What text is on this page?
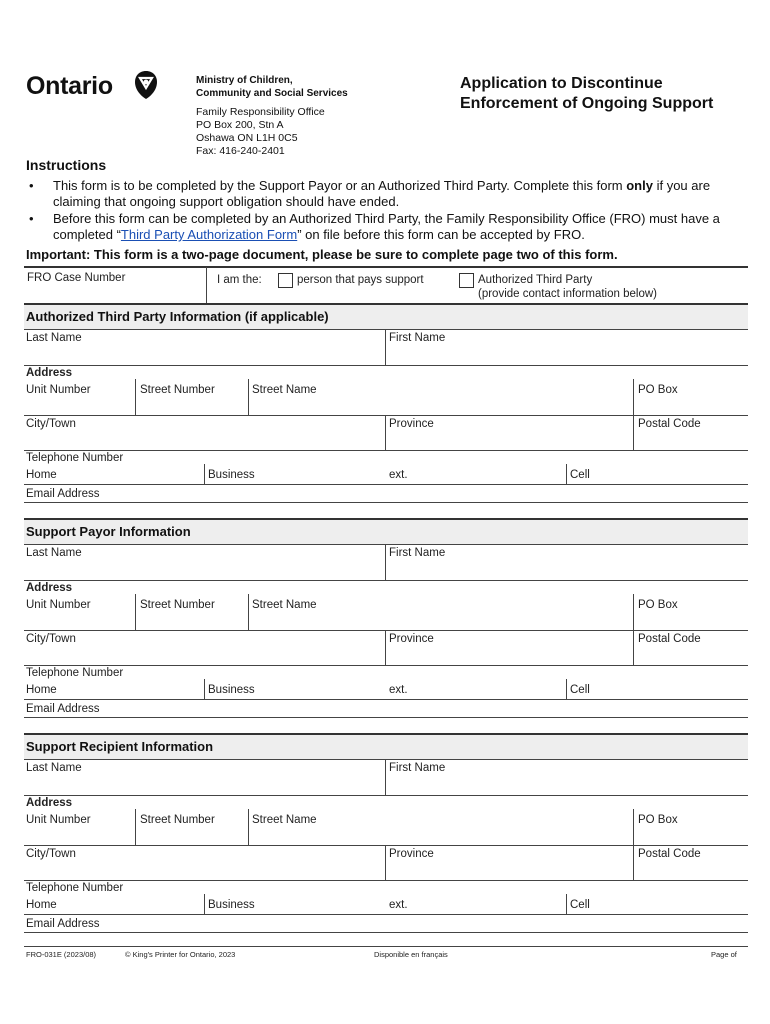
Ontario	Ministry of Children,
Community and Social Services
Family Responsibility Office
PO Box 200, Stn A
Oshawa ON L1H 0C5
Fax: 416-240-2401
Application to Discontinue
Enforcement of Ongoing Support
Instructions
•	This form is to be completed by the Support Payor or an Authorized Third Party. Complete this form only if you are claiming that ongoing support obligation should have ended.
•	Before this form can be completed by an Authorized Third Party, the Family Responsibility Office (FRO) must have a completed “Third Party Authorization Form” on file before this form can be accepted by FRO.
Important: This form is a two-page document, please be sure to complete page two of this form.
FRO Case Number	I am the:	person that pays support	Authorized Third Party
(provide contact information below)
Authorized Third Party Information (if applicable)
Last Name	First Name
Address
Unit Number	Street Number	Street Name	PO Box
City/Town	Province	Postal Code
Telephone Number
Home	Business	ext.	Cell
Email Address
Support Payor Information
Last Name	First Name
Address
Unit Number	Street Number	Street Name	PO Box
City/Town	Province	Postal Code
Telephone Number
Home	Business	ext.	Cell
Email Address
Support Recipient Information
Last Name	First Name
Address
Unit Number	Street Number	Street Name	PO Box
City/Town	Province	Postal Code
Telephone Number
Home	Business	ext.	Cell
Email Address
FRO-031E (2023/08)	© King's Printer for Ontario, 2023	Disponible en français	Page of
